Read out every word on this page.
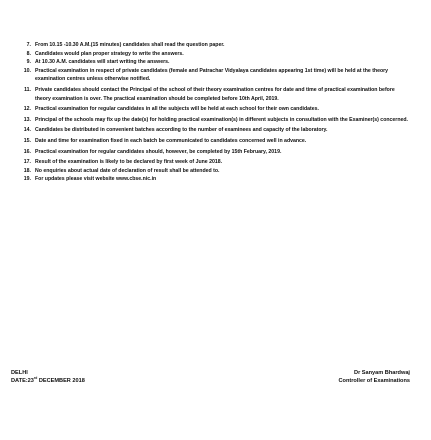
7. From 10.15 -10.30 A.M.(15 minutes) candidates shall read the question paper.
8. Candidates would plan proper strategy to write the answers.
9. At 10.30 A.M. candidates will start writing the answers.
10. Practical examination in respect of private candidates (female and Patrachar Vidyalaya candidates appearing 1st time) will be held at the theory examination centres unless otherwise notified.
11. Private candidates should contact the Principal of the school of their theory examination centres for date and time of practical examination before theory examination is over. The practical examination should be completed before 10th April, 2019.
12. Practical examination for regular candidates in all the subjects will be held at each school for their own candidates.
13. Principal of the schools may fix up the date(s) for holding practical examination(s) in different subjects in consultation with the Examiner(s) concerned.
14. Candidates be distributed in convenient batches according to the number of examinees and capacity of the laboratory.
15. Date and time for examination fixed in each batch be communicated to candidates concerned well in advance.
16. Practical examination for regular candidates should, however, be completed by 15th February, 2019.
17. Result of the examination is likely to be declared by first week of June 2018.
18. No enquiries about actual date of declaration of result shall be attended to.
19. For updates please visit website www.cbse.nic.in
DELHI
DATE:23rd DECEMBER 2018
Dr Sanyam Bhardwaj
Controller of Examinations
